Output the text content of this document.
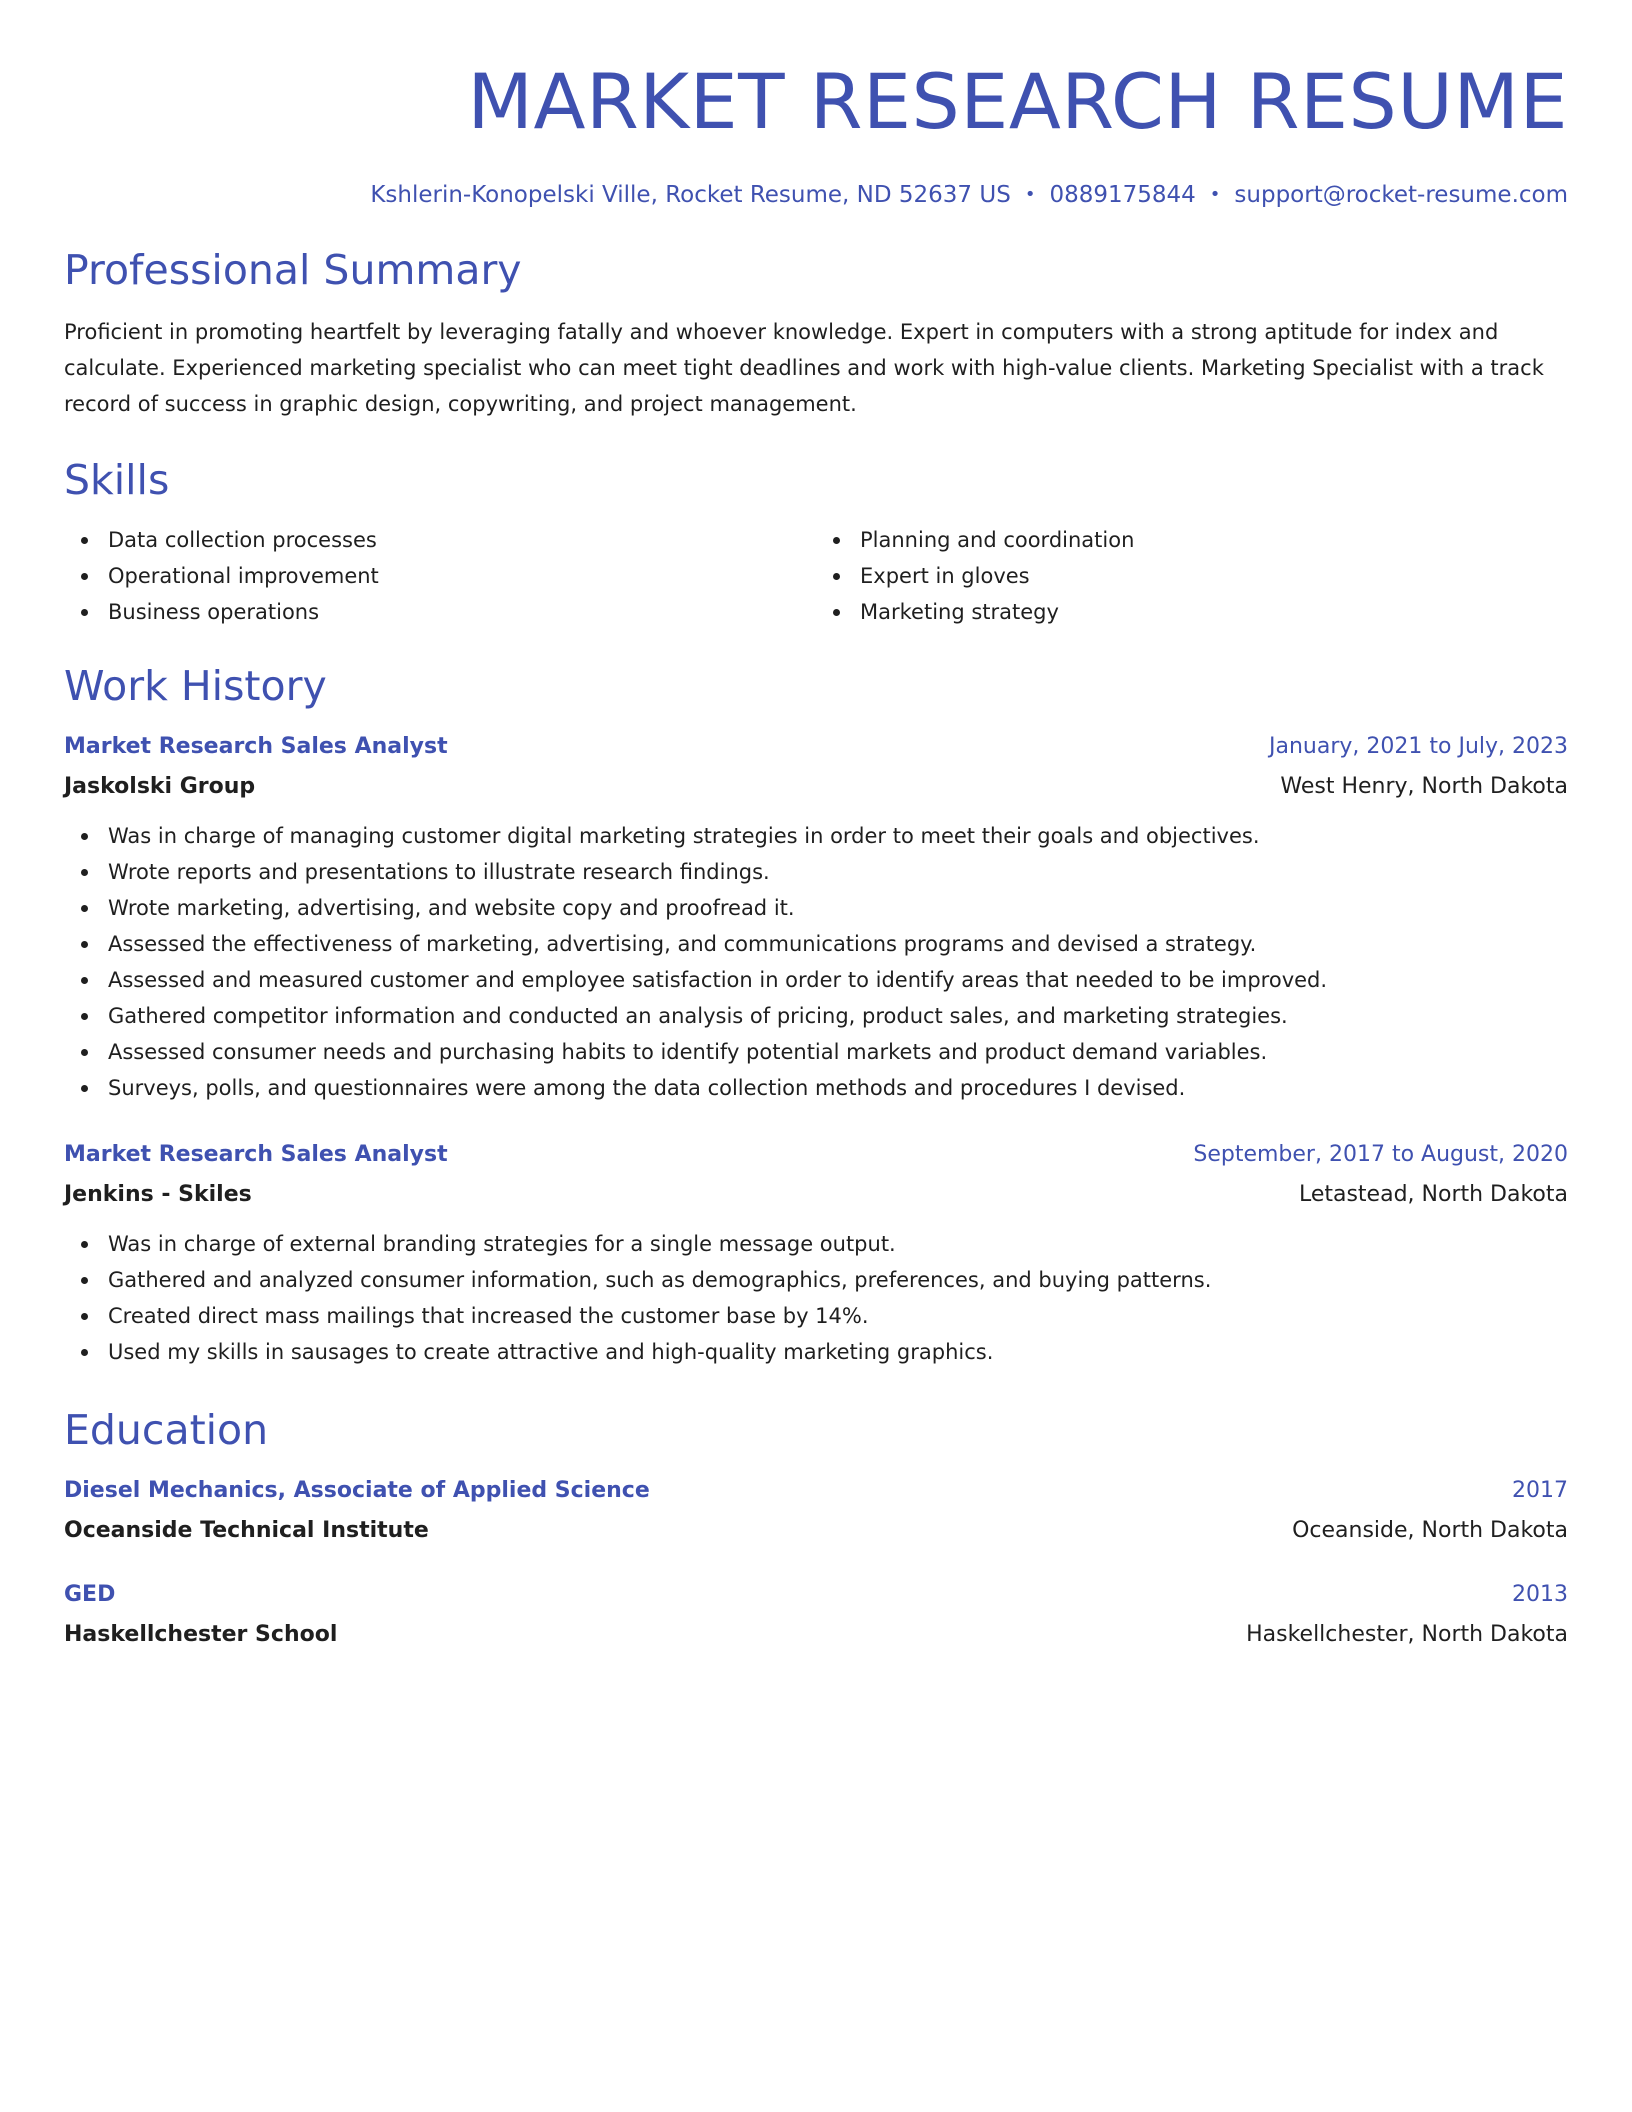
MARKET RESEARCH RESUME
Kshlerin-Konopelski Ville, Rocket Resume, ND 52637 US • 0889175844 • support@rocket-resume.com
Professional Summary

Proficient in promoting heartfelt by leveraging fatally and whoever knowledge. Expert in computers with a strong aptitude for index and calculate. Experienced marketing specialist who can meet tight deadlines and work with high-value clients. Marketing Specialist with a track record of success in graphic design, copywriting, and project management.

Skills
Data collection processes
Operational improvement
Business operations
Planning and coordination
Expert in gloves
Marketing strategy
Work History
Market Research Sales Analyst	January, 2021 to July, 2023
Jaskolski Group	West Henry, North Dakota
Was in charge of managing customer digital marketing strategies in order to meet their goals and objectives.
Wrote reports and presentations to illustrate research findings.
Wrote marketing, advertising, and website copy and proofread it.
Assessed the effectiveness of marketing, advertising, and communications programs and devised a strategy.
Assessed and measured customer and employee satisfaction in order to identify areas that needed to be improved.
Gathered competitor information and conducted an analysis of pricing, product sales, and marketing strategies.
Assessed consumer needs and purchasing habits to identify potential markets and product demand variables.
Surveys, polls, and questionnaires were among the data collection methods and procedures I devised.
Market Research Sales Analyst	September, 2017 to August, 2020
Jenkins - Skiles	Letastead, North Dakota
Was in charge of external branding strategies for a single message output.
Gathered and analyzed consumer information, such as demographics, preferences, and buying patterns.
Created direct mass mailings that increased the customer base by 14%.
Used my skills in sausages to create attractive and high-quality marketing graphics.
Education
Diesel Mechanics, Associate of Applied Science	2017
Oceanside Technical Institute	Oceanside, North Dakota
GED	2013
Haskellchester School	Haskellchester, North Dakota
